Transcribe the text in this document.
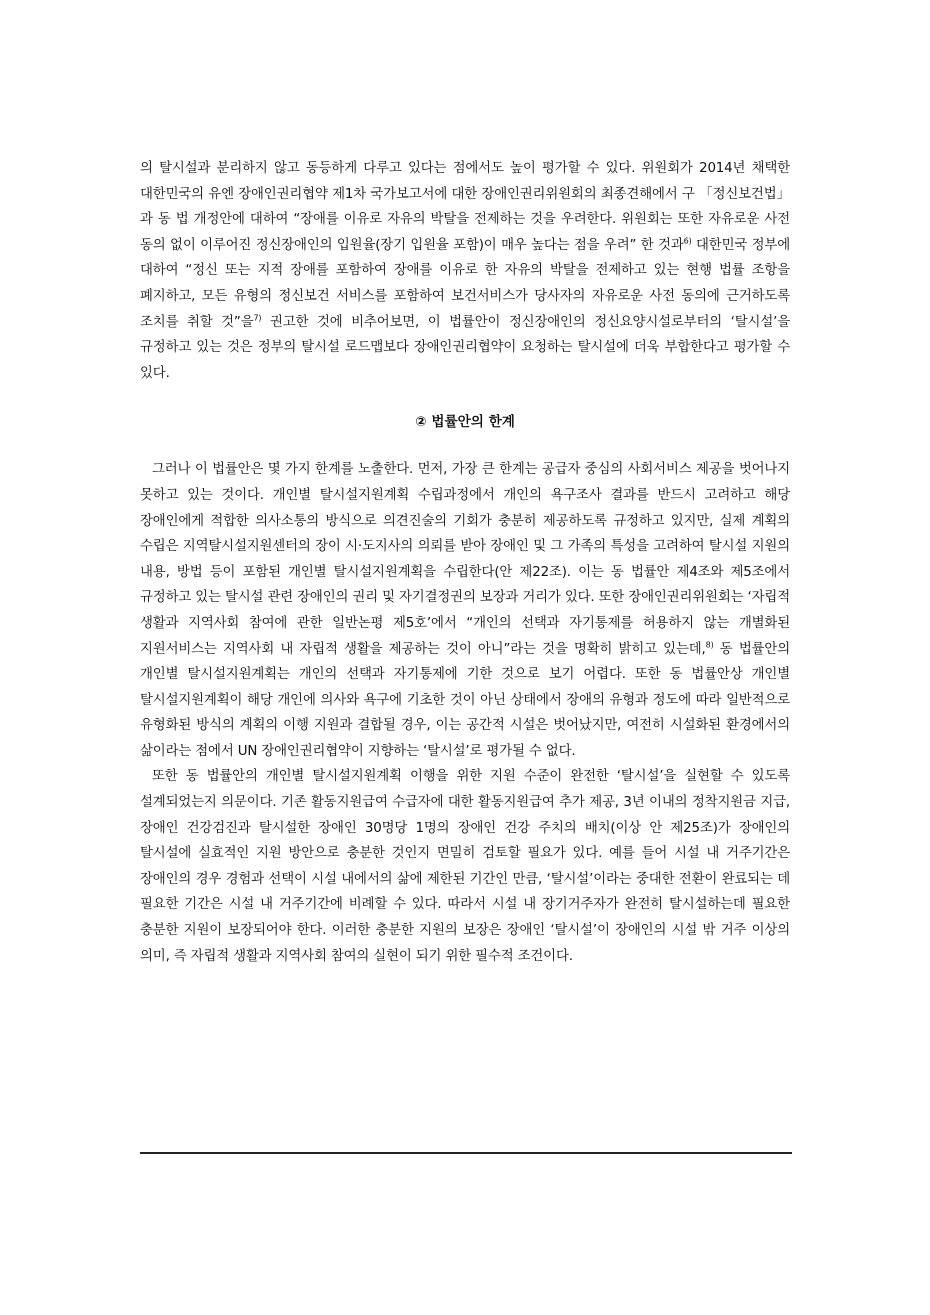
의 탈시설과 분리하지 않고 동등하게 다루고 있다는 점에서도 높이 평가할 수 있다. 위원회가 2014년 채택한 대한민국의 유엔 장애인권리협약 제1차 국가보고서에 대한 장애인권리위원회의 최종견해에서 구 「정신보건법」과 동 법 개정안에 대하여 “장애를 이유로 자유의 박탈을 전제하는 것을 우려한다. 위원회는 또한 자유로운 사전 동의 없이 이루어진 정신장애인의 입원율(장기 입원율 포함)이 매우 높다는 점을 우려” 한 것과$^{6)}$ 대한민국 정부에 대하여 “정신 또는 지적 장애를 포함하여 장애를 이유로 한 자유의 박탈을 전제하고 있는 현행 법률 조항을 폐지하고, 모든 유형의 정신보건 서비스를 포함하여 보건서비스가 당사자의 자유로운 사전 동의에 근거하도록 조치를 취할 것”을$^{7)}$ 권고한 것에 비추어보면, 이 법률안이 정신장애인의 정신요양시설로부터의 ‘탈시설’을 규정하고 있는 것은 정부의 탈시설 로드맵보다 장애인권리협약이 요청하는 탈시설에 더욱 부합한다고 평가할 수 있다.

② 법률안의 한계

그러나 이 법률안은 몇 가지 한계를 노출한다. 먼저, 가장 큰 한계는 공급자 중심의 사회서비스 제공을 벗어나지 못하고 있는 것이다. 개인별 탈시설지원계획 수립과정에서 개인의 욕구조사 결과를 반드시 고려하고 해당 장애인에게 적합한 의사소통의 방식으로 의견진술의 기회가 충분히 제공하도록 규정하고 있지만, 실제 계획의 수립은 지역탈시설지원센터의 장이 시·도지사의 의뢰를 받아 장애인 및 그 가족의 특성을 고려하여 탈시설 지원의 내용, 방법 등이 포함된 개인별 탈시설지원계획을 수립한다(안 제22조). 이는 동 법률안 제4조와 제5조에서 규정하고 있는 탈시설 관련 장애인의 권리 및 자기결정권의 보장과 거리가 있다. 또한 장애인권리위원회는 ‘자립적 생활과 지역사회 참여에 관한 일반논평 제5호’에서 “개인의 선택과 자기통제를 허용하지 않는 개별화된 지원서비스는 지역사회 내 자립적 생활을 제공하는 것이 아니”라는 것을 명확히 밝히고 있는데,$^{8)}$ 동 법률안의 개인별 탈시설지원계획는 개인의 선택과 자기통제에 기한 것으로 보기 어렵다. 또한 동 법률안상 개인별 탈시설지원계획이 해당 개인에 의사와 욕구에 기초한 것이 아닌 상태에서 장애의 유형과 정도에 따라 일반적으로 유형화된 방식의 계획의 이행 지원과 결합될 경우, 이는 공간적 시설은 벗어났지만, 여전히 시설화된 환경에서의 삶이라는 점에서 UN 장애인권리협약이 지향하는 ‘탈시설’로 평가될 수 없다.

또한 동 법률안의 개인별 탈시설지원계획 이행을 위한 지원 수준이 완전한 ‘탈시설’을 실현할 수 있도록 설계되었는지 의문이다. 기존 활동지원급여 수급자에 대한 활동지원급여 추가 제공, 3년 이내의 정착지원금 지급, 장애인 건강검진과 탈시설한 장애인 30명당 1명의 장애인 건강 주치의 배치(이상 안 제25조)가 장애인의 탈시설에 실효적인 지원 방안으로 충분한 것인지 면밀히 검토할 필요가 있다. 예를 들어 시설 내 거주기간은 장애인의 경우 경험과 선택이 시설 내에서의 삶에 제한된 기간인 만큼, ‘탈시설’이라는 중대한 전환이 완료되는 데 필요한 기간은 시설 내 거주기간에 비례할 수 있다. 따라서 시설 내 장기거주자가 완전히 탈시설하는데 필요한 충분한 지원이 보장되어야 한다. 이러한 충분한 지원의 보장은 장애인 ‘탈시설’이 장애인의 시설 밖 거주 이상의 의미, 즉 자립적 생활과 지역사회 참여의 실현이 되기 위한 필수적 조건이다.
